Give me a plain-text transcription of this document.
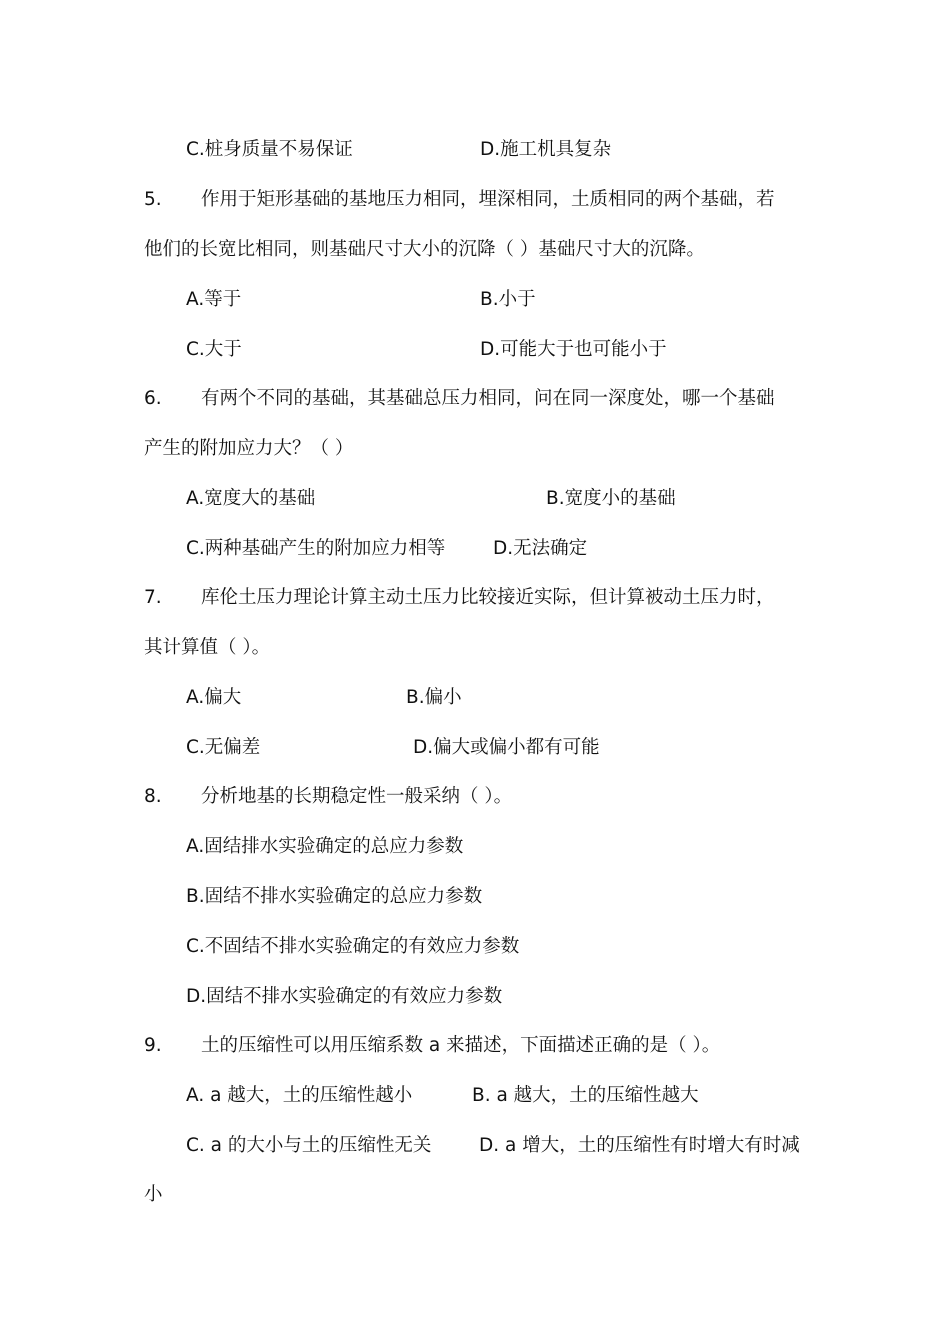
C.桩身质量不易保证	D.施工机具复杂
5. 作用于矩形基础的基地压力相同，埋深相同，土质相同的两个基础，若
他们的长宽比相同，则基础尺寸大小的沉降（ ）基础尺寸大的沉降。
A.等于	B.小于
C.大于	D.可能大于也可能小于
6. 有两个不同的基础，其基础总压力相同，问在同一深度处，哪一个基础
产生的附加应力大？（ ）
A.宽度大的基础	B.宽度小的基础
C.两种基础产生的附加应力相等	D.无法确定
7. 库伦土压力理论计算主动土压力比较接近实际，但计算被动土压力时，
其计算值（ ）。
A.偏大	B.偏小
C.无偏差	D.偏大或偏小都有可能
8. 分析地基的长期稳定性一般采纳（ ）。
A.固结排水实验确定的总应力参数
B.固结不排水实验确定的总应力参数
C.不固结不排水实验确定的有效应力参数
D.固结不排水实验确定的有效应力参数
9. 土的压缩性可以用压缩系数 a 来描述，下面描述正确的是（ ）。
A. a 越大，土的压缩性越小	B. a 越大，土的压缩性越大
C. a 的大小与土的压缩性无关	D. a 增大，土的压缩性有时增大有时减
小
